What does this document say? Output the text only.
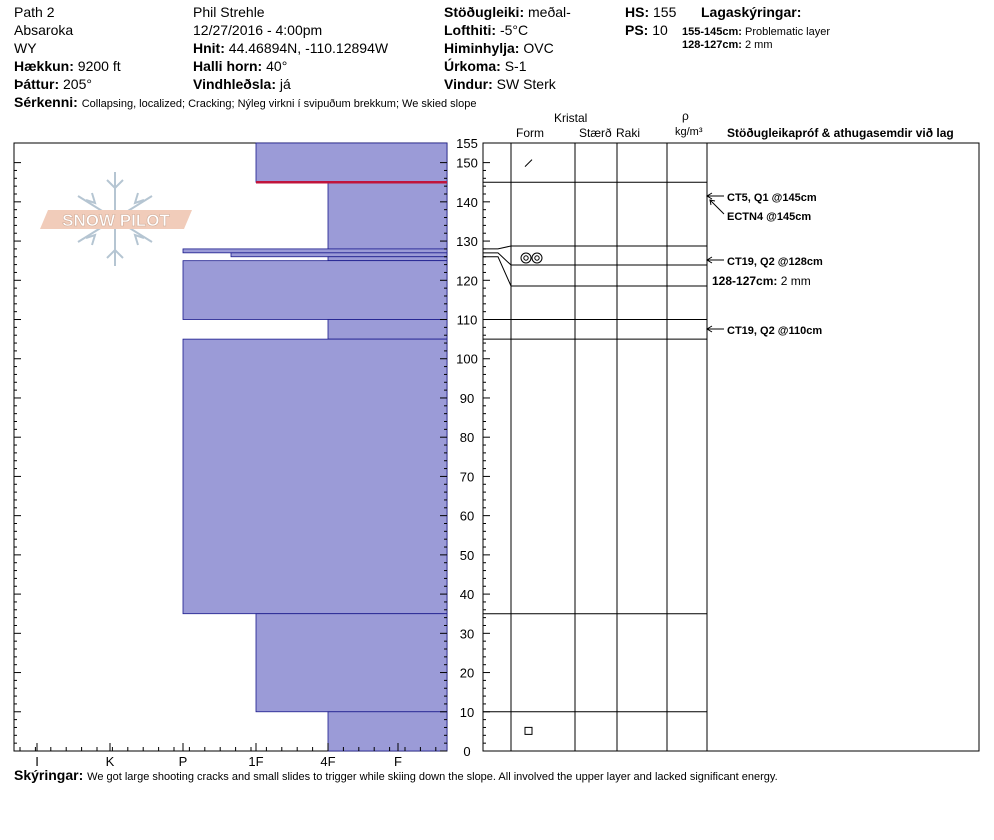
Path 2
Absaroka
WY
Hækkun: 9200 ft
Þáttur: 205°
Phil Strehle
12/27/2016 - 4:00pm
Hnit: 44.46894N, -110.12894W
Halli horn: 40°
Vindhleðsla: já
Stöðugleiki: meðal-
Lofthiti: -5°C
Himinhylja: OVC
Úrkoma: S-1
Vindur: SW Sterk
HS: 155
PS: 10
Lagaskýringar:
155-145cm: Problematic layer
128-127cm: 2 mm
Sérkenni: Collapsing, localized; Cracking; Nýleg virkni í svipuðum brekkum; We skied slope
Kristal
Form	Stærð Raki
ρ
kg/m³ Stöðugleikapróf & athugasemdir við lag
SNOW PILOT
I	K	P	1F	4F	F
0
10
20
30
40
50
60
70
80
90
100
110
120
130
140
150
155
CT5, Q1 @145cm
ECTN4 @145cm
CT19, Q2 @128cm
128-127cm: 2 mm
CT19, Q2 @110cm
Skýringar: We got large shooting cracks and small slides to trigger while skiing down the slope. All involved the upper layer and lacked significant energy.
